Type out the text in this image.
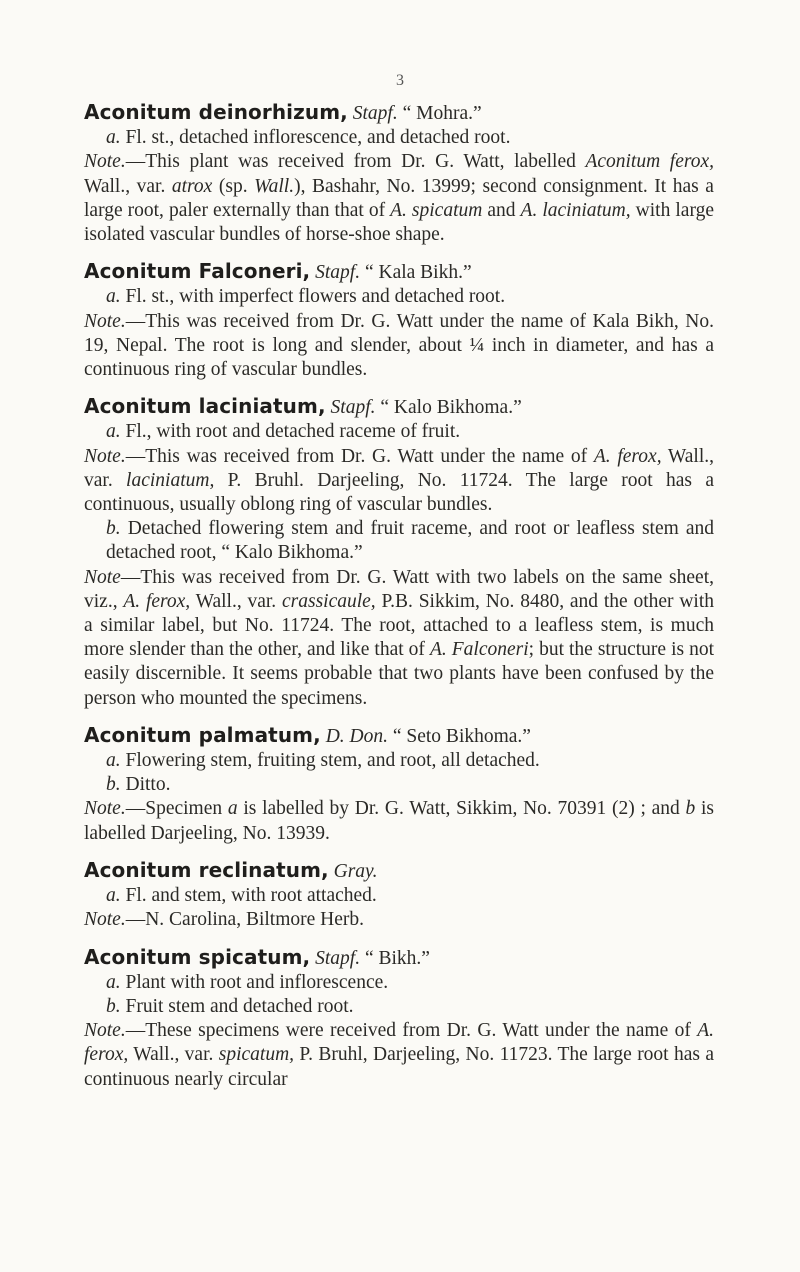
3

Aconitum deinorhizum, Stapf. “ Mohra.”

a. Fl. st., detached inflorescence, and detached root.

Note.—This plant was received from Dr. G. Watt, labelled Aconitum ferox, Wall., var. atrox (sp. Wall.), Bashahr, No. 13999; second consignment. It has a large root, paler externally than that of A. spicatum and A. laciniatum, with large isolated vascular bundles of horse-shoe shape.

Aconitum Falconeri, Stapf. “ Kala Bikh.”

a. Fl. st., with imperfect flowers and detached root.

Note.—This was received from Dr. G. Watt under the name of Kala Bikh, No. 19, Nepal. The root is long and slender, about ¼ inch in diameter, and has a continuous ring of vascular bundles.

Aconitum laciniatum, Stapf. “ Kalo Bikhoma.”

a. Fl., with root and detached raceme of fruit.

Note.—This was received from Dr. G. Watt under the name of A. ferox, Wall., var. laciniatum, P. Bruhl. Darjeeling, No. 11724. The large root has a continuous, usually oblong ring of vascular bundles.

b. Detached flowering stem and fruit raceme, and root or leafless stem and detached root, “ Kalo Bikhoma.”

Note—This was received from Dr. G. Watt with two labels on the same sheet, viz., A. ferox, Wall., var. crassicaule, P.B. Sikkim, No. 8480, and the other with a similar label, but No. 11724. The root, attached to a leafless stem, is much more slender than the other, and like that of A. Falconeri; but the structure is not easily discernible. It seems probable that two plants have been confused by the person who mounted the specimens.

Aconitum palmatum, D. Don. “ Seto Bikhoma.”

a. Flowering stem, fruiting stem, and root, all detached.

b. Ditto.

Note.—Specimen a is labelled by Dr. G. Watt, Sikkim, No. 70391 (2) ; and b is labelled Darjeeling, No. 13939.

Aconitum reclinatum, Gray.

a. Fl. and stem, with root attached.

Note.—N. Carolina, Biltmore Herb.

Aconitum spicatum, Stapf. “ Bikh.”

a. Plant with root and inflorescence.

b. Fruit stem and detached root.

Note.—These specimens were received from Dr. G. Watt under the name of A. ferox, Wall., var. spicatum, P. Bruhl, Darjeeling, No. 11723. The large root has a continuous nearly circular
